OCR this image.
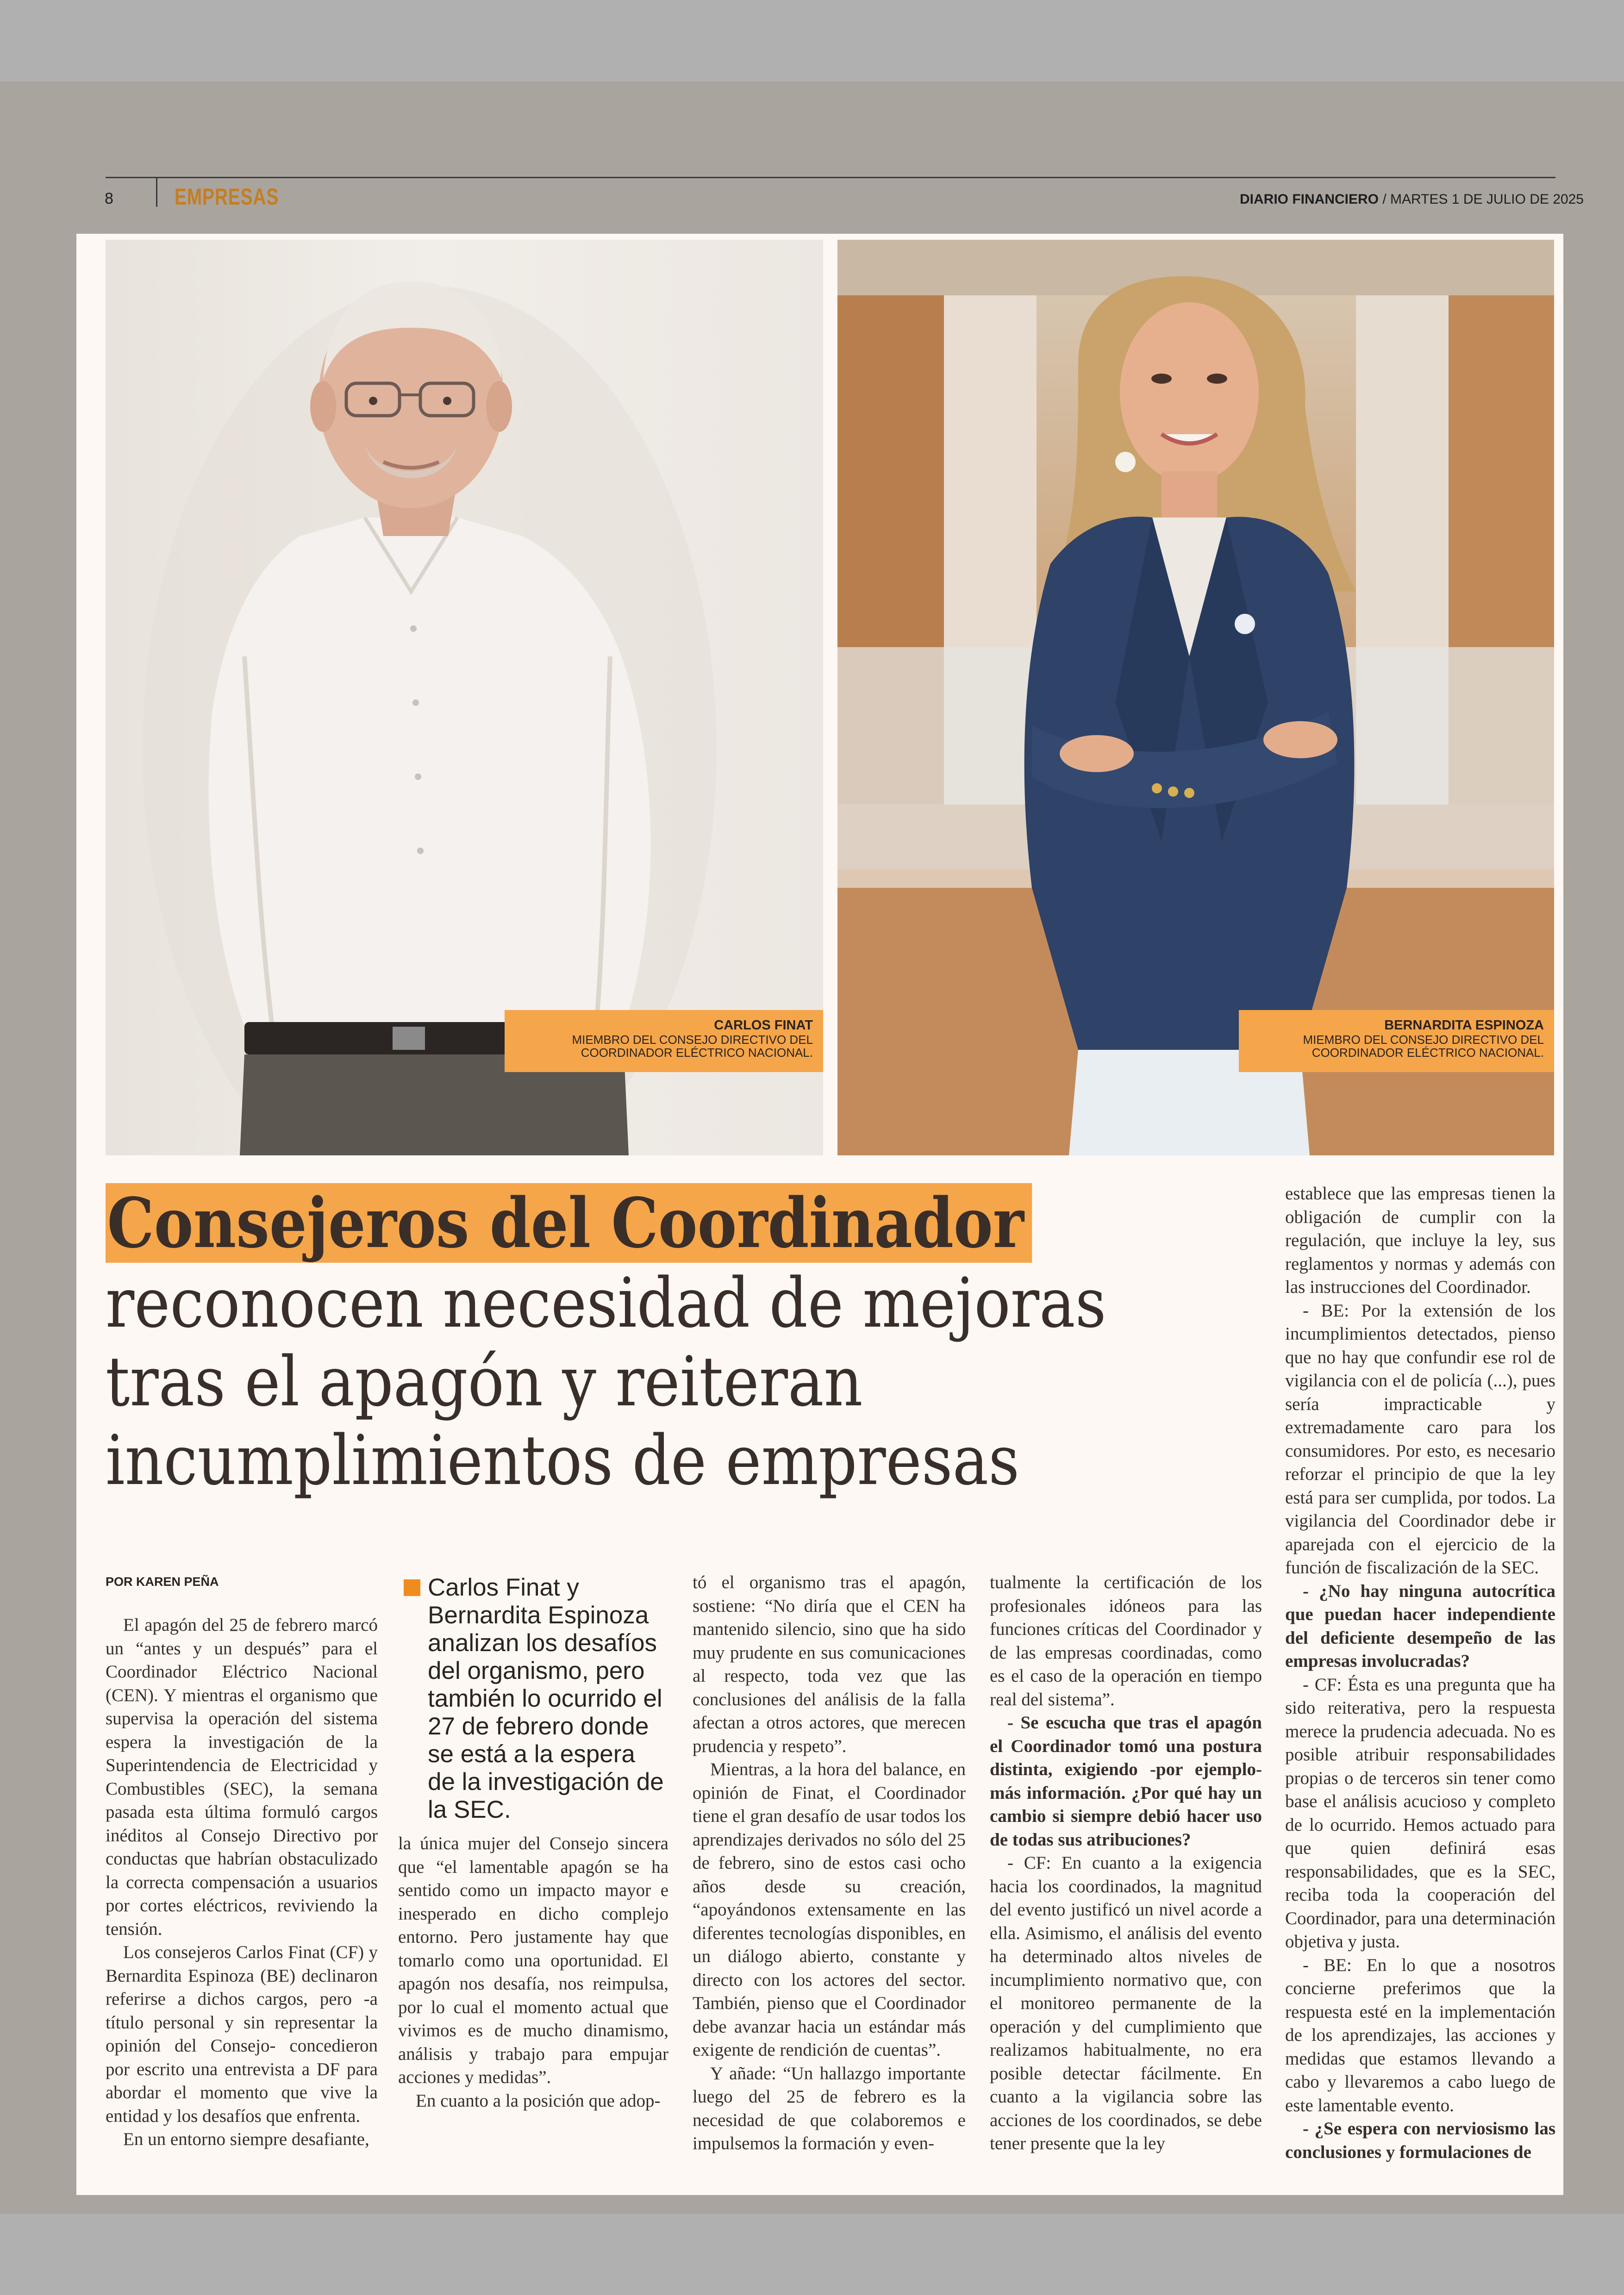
8	EMPRESAS	DIARIO FINANCIERO / MARTES 1 DE JULIO DE 2025
CARLOS FINAT
MIEMBRO DEL CONSEJO DIRECTIVO DEL
COORDINADOR ELÉCTRICO NACIONAL.
BERNARDITA ESPINOZA
MIEMBRO DEL CONSEJO DIRECTIVO DEL
COORDINADOR ELÉCTRICO NACIONAL.
Consejeros del Coordinador
reconocen necesidad de mejoras
tras el apagón y reiteran
incumplimientos de empresas
POR KAREN PEÑA

El apagón del 25 de febrero marcó un “antes y un después” para el Coordinador Eléctrico Nacional (CEN). Y mientras el organismo que supervisa la operación del sistema espera la investigación de la Superintendencia de Electricidad y Combustibles (SEC), la semana pasada esta última formuló cargos inéditos al Consejo Directivo por conductas que habrían obstaculizado la correcta compensación a usuarios por cortes eléctricos, reviviendo la tensión.

Los consejeros Carlos Finat (CF) y Bernardita Espinoza (BE) declinaron referirse a dichos cargos, pero -a título personal y sin representar la opinión del Consejo- concedieron por escrito una entrevista a DF para abordar el momento que vive la entidad y los desafíos que enfrenta.

En un entorno siempre desafiante,

Carlos Finat y Bernardita Espinoza analizan los desafíos del organismo, pero también lo ocurrido el 27 de febrero donde se está a la espera de la investigación de la SEC.

la única mujer del Consejo sincera que “el lamentable apagón se ha sentido como un impacto mayor e inesperado en dicho complejo entorno. Pero justamente hay que tomarlo como una oportunidad. El apagón nos desafía, nos reimpulsa, por lo cual el momento actual que vivimos es de mucho dinamismo, análisis y trabajo para empujar acciones y medidas”.

En cuanto a la posición que adop-

tó el organismo tras el apagón, sostiene: “No diría que el CEN ha mantenido silencio, sino que ha sido muy prudente en sus comunicaciones al respecto, toda vez que las conclusiones del análisis de la falla afectan a otros actores, que merecen prudencia y respeto”.

Mientras, a la hora del balance, en opinión de Finat, el Coordinador tiene el gran desafío de usar todos los aprendizajes derivados no sólo del 25 de febrero, sino de estos casi ocho años desde su creación, “apoyándonos extensamente en las diferentes tecnologías disponibles, en un diálogo abierto, constante y directo con los actores del sector. También, pienso que el Coordinador debe avanzar hacia un estándar más exigente de rendición de cuentas”.

Y añade: “Un hallazgo importante luego del 25 de febrero es la necesidad de que colaboremos e impulsemos la formación y even-

tualmente la certificación de los profesionales idóneos para las funciones críticas del Coordinador y de las empresas coordinadas, como es el caso de la operación en tiempo real del sistema”.

- Se escucha que tras el apagón el Coordinador tomó una postura distinta, exigiendo -por ejemplo- más información. ¿Por qué hay un cambio si siempre debió hacer uso de todas sus atribuciones?

- CF: En cuanto a la exigencia hacia los coordinados, la magnitud del evento justificó un nivel acorde a ella. Asimismo, el análisis del evento ha determinado altos niveles de incumplimiento normativo que, con el monitoreo permanente de la operación y del cumplimiento que realizamos habitualmente, no era posible detectar fácilmente. En cuanto a la vigilancia sobre las acciones de los coordinados, se debe tener presente que la ley

establece que las empresas tienen la obligación de cumplir con la regulación, que incluye la ley, sus reglamentos y normas y además con las instrucciones del Coordinador.

- BE: Por la extensión de los incumplimientos detectados, pienso que no hay que confundir ese rol de vigilancia con el de policía (...), pues sería impracticable y extremadamente caro para los consumidores. Por esto, es necesario reforzar el principio de que la ley está para ser cumplida, por todos. La vigilancia del Coordinador debe ir aparejada con el ejercicio de la función de fiscalización de la SEC.

- ¿No hay ninguna autocrítica que puedan hacer independiente del deficiente desempeño de las empresas involucradas?

- CF: Ésta es una pregunta que ha sido reiterativa, pero la respuesta merece la prudencia adecuada. No es posible atribuir responsabilidades propias o de terceros sin tener como base el análisis acucioso y completo de lo ocurrido. Hemos actuado para que quien definirá esas responsabilidades, que es la SEC, reciba toda la cooperación del Coordinador, para una determinación objetiva y justa.

- BE: En lo que a nosotros concierne preferimos que la respuesta esté en la implementación de los aprendizajes, las acciones y medidas que estamos llevando a cabo y llevaremos a cabo luego de este lamentable evento.

- ¿Se espera con nerviosismo las conclusiones y formulaciones de
